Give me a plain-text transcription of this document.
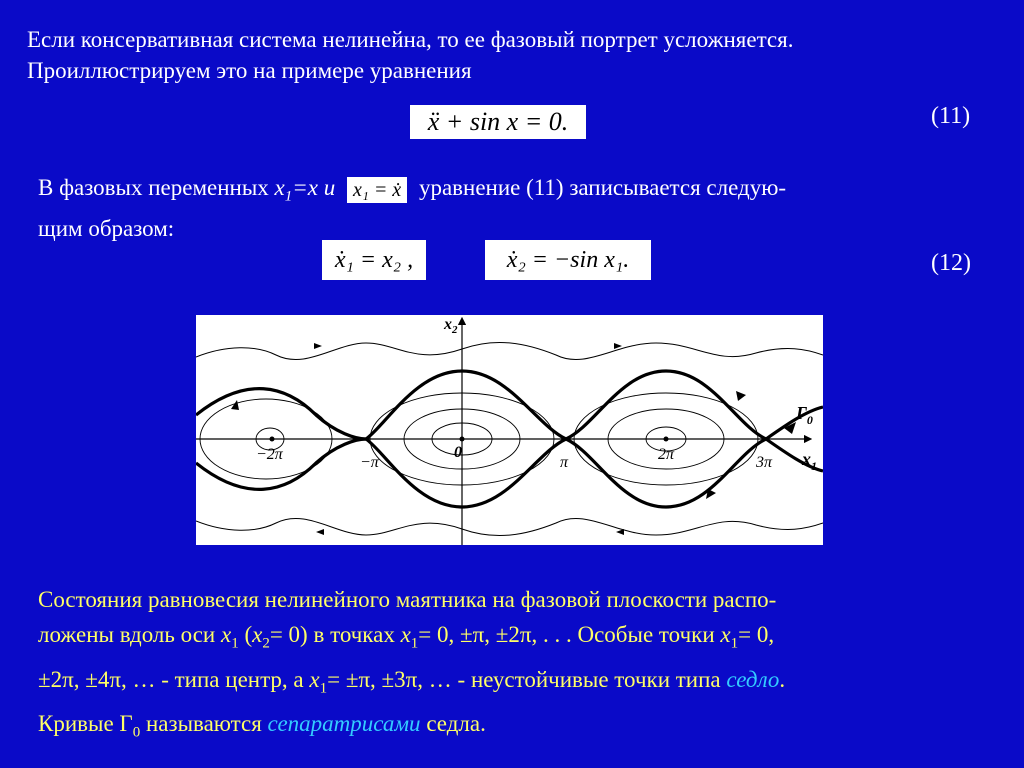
Если консервативная система нелинейна, то ее фазовый портрет усложняется.
Проиллюстрируем это на примере уравнения
ẍ + sin x = 0.	(11)
В фазовых переменных $x_1=x$ и x₁ = ẋ уравнение (11) записывается следую-
щим образом:
ẋ₁ = x₂ ,	ẋ₂ = −sin x₁.	(12)
−2π	−π
0
π	2π	3π
$\Gamma_0$
$x_1$
$x_2$
Состояния равновесия нелинейного маятника на фазовой плоскости распо-
ложены вдоль оси $x_1$ $(x_2= 0)$ в точках $x_1= 0$, ±π, ±2π, . . . Особые точки $x_1= 0$,
±2π, ±4π, … - типа центр, а $x_1= \pm\pi$, ±3π, … - неустойчивые точки типа седло.
Кривые $Г_0$ называются сепаратрисами седла.
